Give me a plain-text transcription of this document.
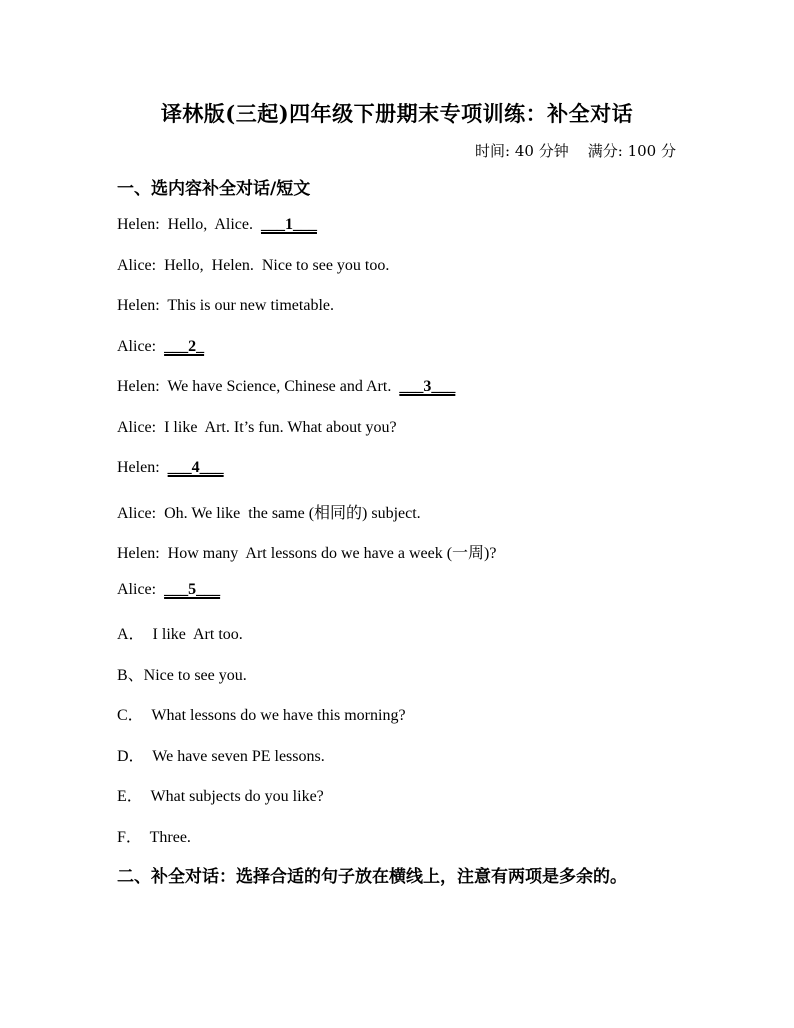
译林版(三起)四年级下册期末专项训练：补全对话
时间: 40 分钟    满分: 100 分
一、选内容补全对话/短文
Helen:  Hello,  Alice.  ___1___
Alice:  Hello,  Helen.  Nice to see you too.
Helen:  This is our new timetable.
Alice:  ___2_
Helen:  We have Science, Chinese and Art.  ___3___
Alice:  I like  Art. It’s fun. What about you?
Helen:  ___4___
Alice:  Oh. We like  the same (相同的) subject.
Helen:  How many  Art lessons do we have a week (一周)?
Alice:  ___5___
A．  I like  Art too.
B、Nice to see you.
C．  What lessons do we have this morning?
D．  We have seven PE lessons.
E．  What subjects do you like?
F．  Three.
二、补全对话：选择合适的句子放在横线上，注意有两项是多余的。
